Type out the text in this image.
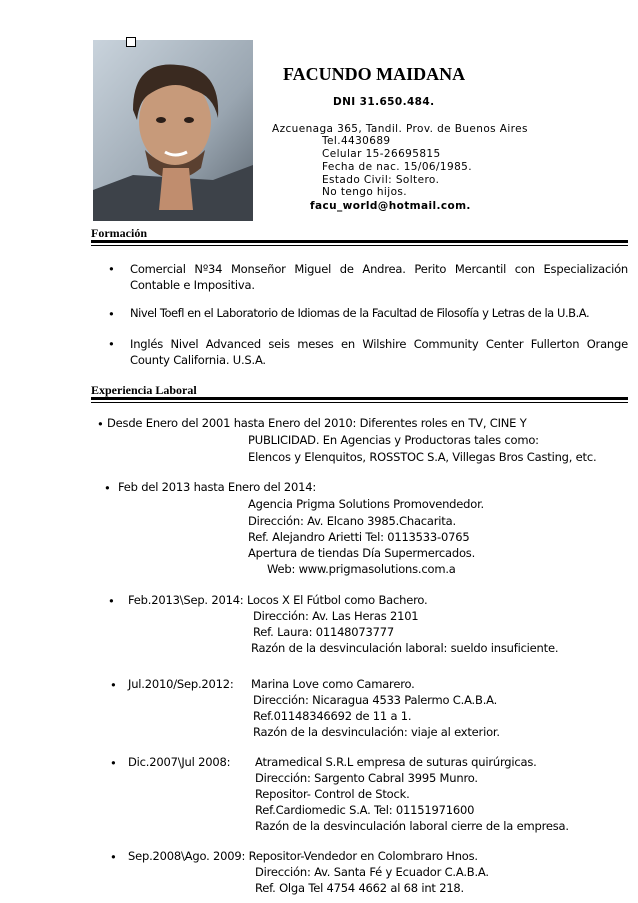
FACUNDO MAIDANA
DNI 31.650.484.
Azcuenaga 365, Tandil. Prov. de Buenos Aires
Tel.4430689
Celular 15-26695815
Fecha de nac. 15/06/1985.
Estado Civil: Soltero.
No tengo hijos.
facu_world@hotmail.com.
Formación
• Comercial Nº34 Monseñor Miguel de Andrea. Perito Mercantil con Especialización Contable e Impositiva.
• Nivel Toefl en el Laboratorio de Idiomas de la Facultad de Filosofía y Letras de la U.B.A.
• Inglés Nivel Advanced seis meses en Wilshire Community Center Fullerton Orange County California. U.S.A.
Experiencia Laboral
• Desde Enero del 2001 hasta Enero del 2010: Diferentes roles en TV, CINE Y
PUBLICIDAD. En Agencias y Productoras tales como:
Elencos y Elenquitos, ROSSTOC S.A, Villegas Bros Casting, etc.
• Feb del 2013 hasta Enero del 2014:
Agencia Prigma Solutions Promovendedor.
Dirección: Av. Elcano 3985.Chacarita.
Ref. Alejandro Arietti Tel: 0113533-0765
Apertura de tiendas Día Supermercados.
Web: www.prigmasolutions.com.a
• Feb.2013\Sep. 2014: Locos X El Fútbol como Bachero.
Dirección: Av. Las Heras 2101
Ref. Laura: 01148073777
Razón de la desvinculación laboral: sueldo insuficiente.
• Jul.2010/Sep.2012: Marina Love como Camarero.
Dirección: Nicaragua 4533 Palermo C.A.B.A.
Ref.01148346692 de 11 a 1.
Razón de la desvinculación: viaje al exterior.
• Dic.2007\Jul 2008: Atramedical S.R.L empresa de suturas quirúrgicas.
Dirección: Sargento Cabral 3995 Munro.
Repositor- Control de Stock.
Ref.Cardiomedic S.A. Tel: 01151971600
Razón de la desvinculación laboral cierre de la empresa.
• Sep.2008\Ago. 2009: Repositor-Vendedor en Colombraro Hnos.
Dirección: Av. Santa Fé y Ecuador C.A.B.A.
Ref. Olga Tel 4754 4662 al 68 int 218.
